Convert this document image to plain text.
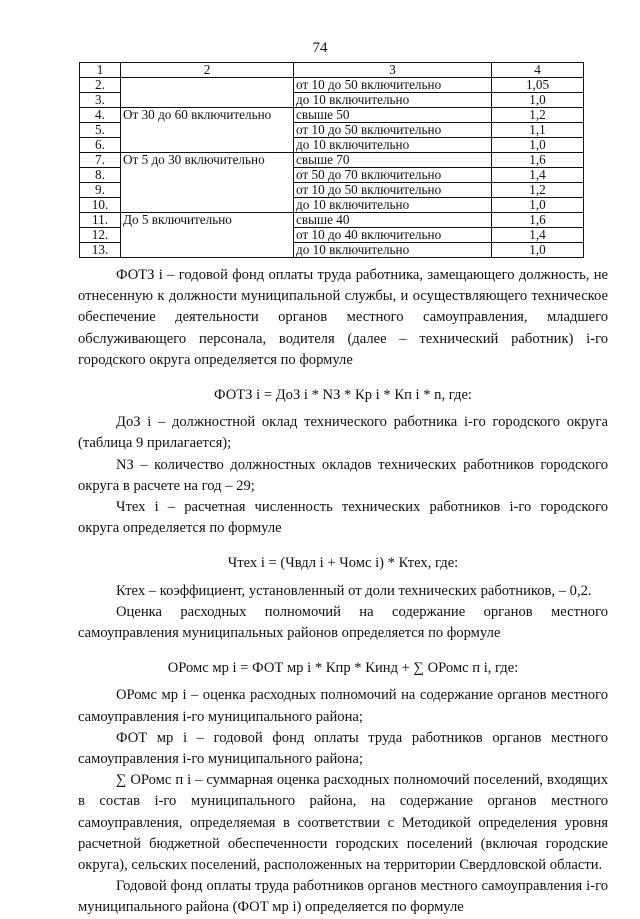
74
1	2	3	4
2.		от 10 до 50 включительно	1,05
3.		до 10 включительно	1,0
4.	От 30 до 60 включительно	свыше 50	1,2
5.		от 10 до 50 включительно	1,1
6.		до 10 включительно	1,0
7.	От 5 до 30 включительно	свыше 70	1,6
8.		от 50 до 70 включительно	1,4
9.		от 10 до 50 включительно	1,2
10.		до 10 включительно	1,0
11.	До 5 включительно	свыше 40	1,6
12.		от 10 до 40 включительно	1,4
13.		до 10 включительно	1,0

ФОТЗ i – годовой фонд оплаты труда работника, замещающего должность, не отнесенную к должности муниципальной службы, и осуществляющего техническое обеспечение деятельности органов местного самоуправления, младшего обслуживающего персонала, водителя (далее – технический работник) i-го городского округа определяется по формуле

ФОТЗ i = ДоЗ i * NЗ * Кр i * Кп i * n, где:

ДоЗ i – должностной оклад технического работника i-го городского округа (таблица 9 прилагается);

NЗ – количество должностных окладов технических работников городского округа в расчете на год – 29;

Чтех i – расчетная численность технических работников i-го городского округа определяется по формуле

Чтех i = (Чвдл i + Чомс i) * Ктех, где:

Ктех – коэффициент, установленный от доли технических работников, – 0,2.

Оценка расходных полномочий на содержание органов местного самоуправления муниципальных районов определяется по формуле

ОРомс мр i = ФОТ мр i * Кпр * Кинд + ∑ ОРомс п i, где:

ОРомс мр i – оценка расходных полномочий на содержание органов местного самоуправления i-го муниципального района;

ФОТ мр i – годовой фонд оплаты труда работников органов местного самоуправления i-го муниципального района;

∑ ОРомс п i – суммарная оценка расходных полномочий поселений, входящих в состав i-го муниципального района, на содержание органов местного самоуправления, определяемая в соответствии с Методикой определения уровня расчетной бюджетной обеспеченности городских поселений (включая городские округа), сельских поселений, расположенных на территории Свердловской области.

Годовой фонд оплаты труда работников органов местного самоуправления i-го муниципального района (ФОТ мр i) определяется по формуле
